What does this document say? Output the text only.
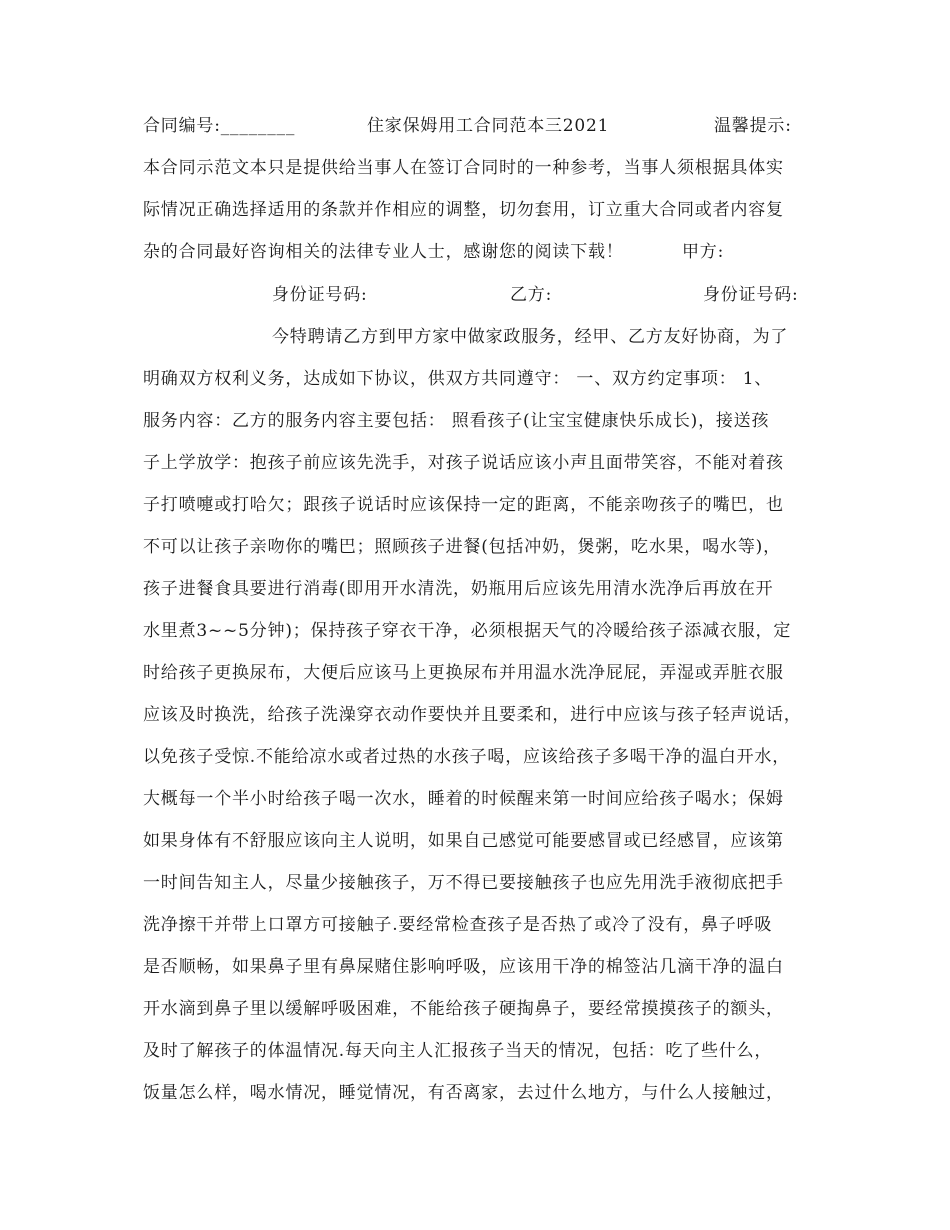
合同编号:________	住家保姆用工合同范本三2021	温馨提示:
本合同示范文本只是提供给当事人在签订合同时的一种参考，当事人须根据具体实
际情况正确选择适用的条款并作相应的调整，切勿套用，订立重大合同或者内容复
杂的合同最好咨询相关的法律专业人士，感谢您的阅读下载！	甲方:
身份证号码:	乙方:	身份证号码:
今特聘请乙方到甲方家中做家政服务，经甲、乙方友好协商，为了
明确双方权利义务，达成如下协议，供双方共同遵守： 一、双方约定事项： 1、
服务内容：乙方的服务内容主要包括： 照看孩子(让宝宝健康快乐成长)，接送孩
子上学放学：抱孩子前应该先洗手，对孩子说话应该小声且面带笑容，不能对着孩
子打喷嚏或打哈欠；跟孩子说话时应该保持一定的距离，不能亲吻孩子的嘴巴，也
不可以让孩子亲吻你的嘴巴；照顾孩子进餐(包括冲奶，煲粥，吃水果，喝水等)，
孩子进餐食具要进行消毒(即用开水清洗，奶瓶用后应该先用清水洗净后再放在开
水里煮3~~5分钟)；保持孩子穿衣干净，必须根据天气的冷暖给孩子添减衣服，定
时给孩子更换尿布，大便后应该马上更换尿布并用温水洗净屁屁，弄湿或弄脏衣服
应该及时换洗，给孩子洗澡穿衣动作要快并且要柔和，进行中应该与孩子轻声说话，
以免孩子受惊.不能给凉水或者过热的水孩子喝，应该给孩子多喝干净的温白开水，
大概每一个半小时给孩子喝一次水，睡着的时候醒来第一时间应给孩子喝水；保姆
如果身体有不舒服应该向主人说明，如果自己感觉可能要感冒或已经感冒，应该第
一时间告知主人，尽量少接触孩子，万不得已要接触孩子也应先用洗手液彻底把手
洗净擦干并带上口罩方可接触子.要经常检查孩子是否热了或冷了没有，鼻子呼吸
是否顺畅，如果鼻子里有鼻屎赌住影响呼吸，应该用干净的棉签沾几滴干净的温白
开水滴到鼻子里以缓解呼吸困难，不能给孩子硬掏鼻子，要经常摸摸孩子的额头，
及时了解孩子的体温情况.每天向主人汇报孩子当天的情况，包括：吃了些什么，
饭量怎么样，喝水情况，睡觉情况，有否离家，去过什么地方，与什么人接触过，
